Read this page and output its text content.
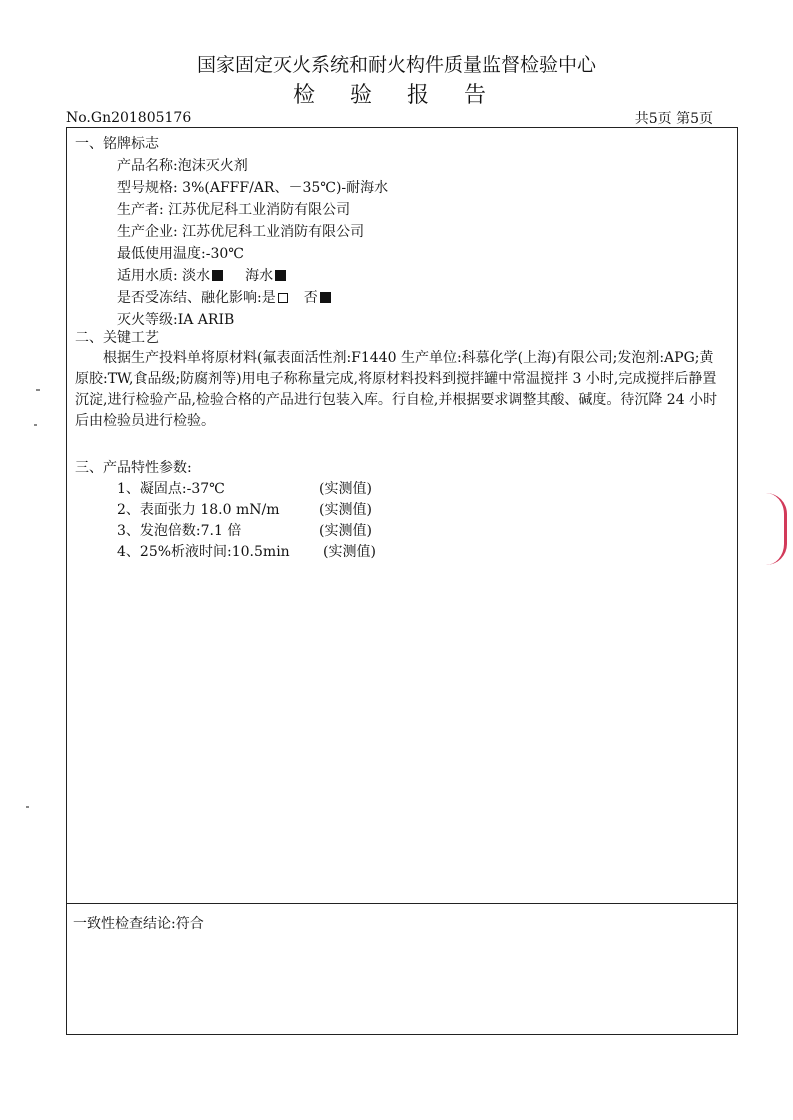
国家固定灭火系统和耐火构件质量监督检验中心
检 验 报 告
No.Gn201805176	共5页 第5页
一、铭牌标志
产品名称:泡沫灭火剂
型号规格: 3%(AFFF/AR、－35℃)-耐海水
生产者: 江苏优尼科工业消防有限公司
生产企业: 江苏优尼科工业消防有限公司
最低使用温度:-30℃
适用水质: 淡水	海水
是否受冻结、融化影响:是 否
灭火等级:IA ARIB
二、关键工艺
根据生产投料单将原材料(氟表面活性剂:F1440 生产单位:科慕化学(上海)有限公司;发泡剂:APG;黄原胶:TW,食品级;防腐剂等)用电子称称量完成,将原材料投料到搅拌罐中常温搅拌 3 小时,完成搅拌后静置沉淀,进行检验产品,检验合格的产品进行包装入库。行自检,并根据要求调整其酸、碱度。待沉降 24 小时后由检验员进行检验。
三、产品特性参数:
1、凝固点:-37℃	(实测值)
2、表面张力 18.0 mN/m	(实测值)
3、发泡倍数:7.1 倍	(实测值)
4、25%析液时间:10.5min (实测值)
一致性检查结论:符合
